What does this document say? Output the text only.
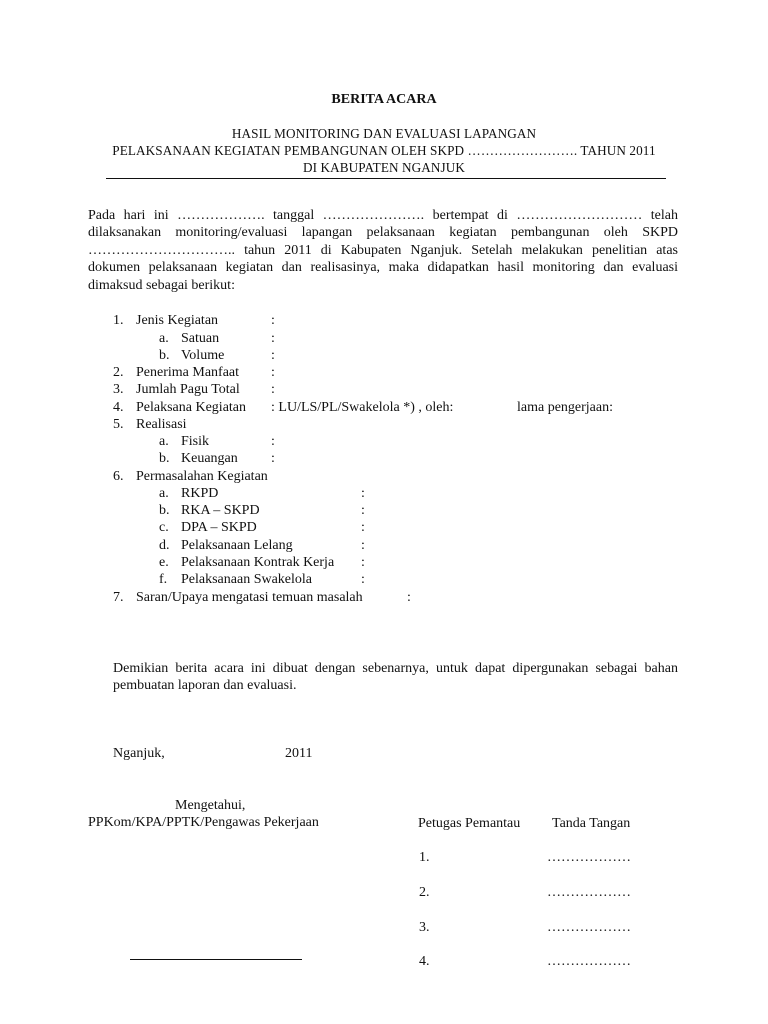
BERITA ACARA
HASIL MONITORING DAN EVALUASI LAPANGAN
PELAKSANAAN KEGIATAN PEMBANGUNAN OLEH SKPD ……………………. TAHUN 2011
DI KABUPATEN NGANJUK
Pada hari ini ………………. tanggal …………………. bertempat di ……………………… telah dilaksanakan monitoring/evaluasi lapangan pelaksanaan kegiatan pembangunan oleh SKPD ………………………….. tahun 2011 di Kabupaten Nganjuk. Setelah melakukan penelitian atas dokumen pelaksanaan kegiatan dan realisasinya, maka didapatkan hasil monitoring dan evaluasi dimaksud sebagai berikut:
1. Jenis Kegiatan	:
a. Satuan	:
b. Volume	:
2. Penerima Manfaat :
3. Jumlah Pagu Total :
4. Pelaksana Kegiatan : LU/LS/PL/Swakelola *) , oleh:	lama pengerjaan:
5. Realisasi
a. Fisik	:
b. Keuangan :
6. Permasalahan Kegiatan
a. RKPD	:
b. RKA – SKPD	:
c. DPA – SKPD	:
d. Pelaksanaan Lelang	:
e. Pelaksanaan Kontrak Kerja :
f. Pelaksanaan Swakelola	:
7. Saran/Upaya mengatasi temuan masalah	:
Demikian berita acara ini dibuat dengan sebenarnya, untuk dapat dipergunakan sebagai bahan pembuatan laporan dan evaluasi.
Nganjuk,	2011
Mengetahui,
PPKom/KPA/PPTK/Pengawas Pekerjaan	Petugas Pemantau Tanda Tangan
1.	………………
2.	………………
3.	………………
4.	………………
